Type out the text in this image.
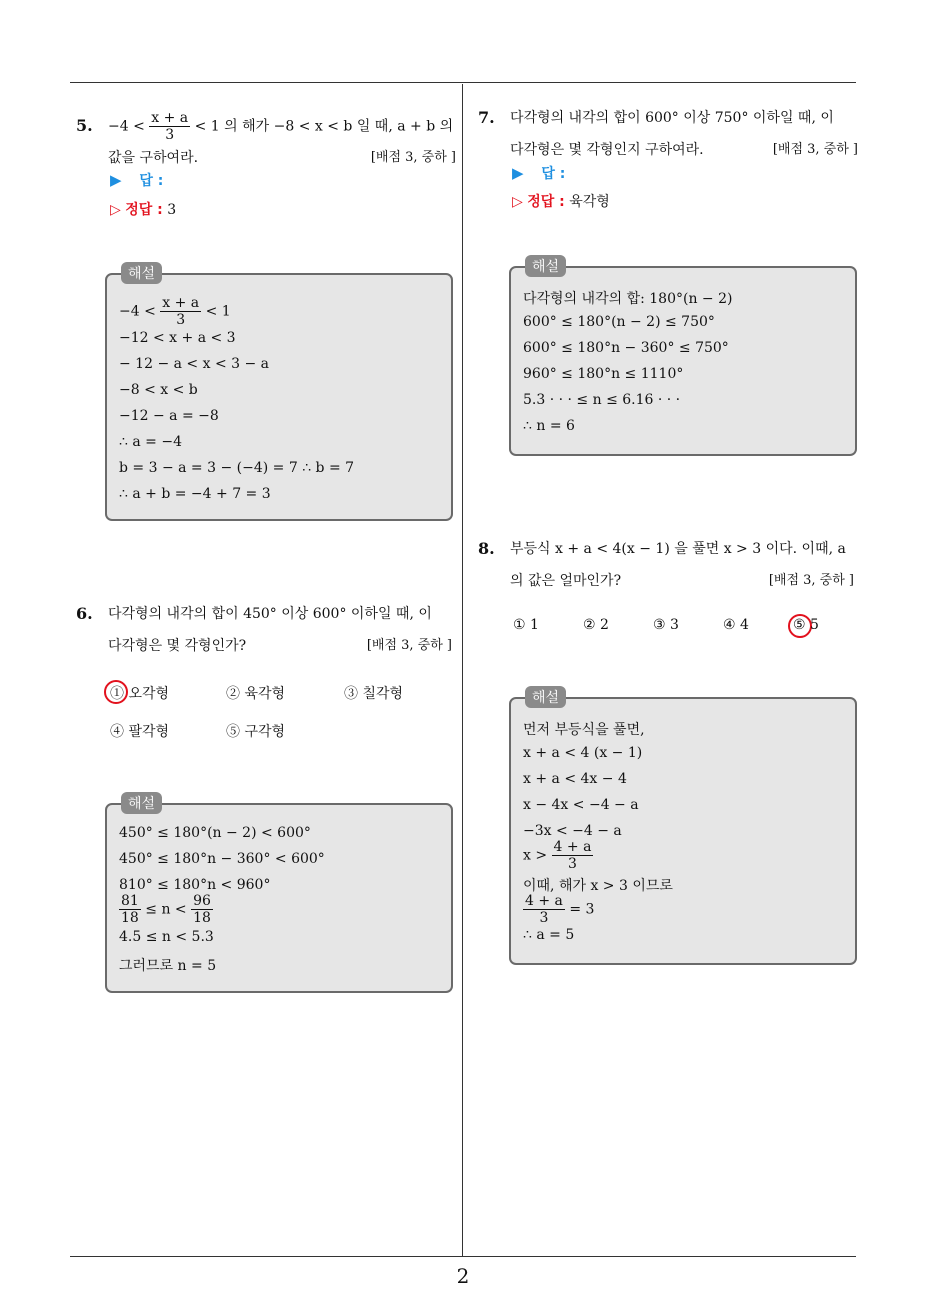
2
5. $-4 < \frac{x + a}{3} < 1$ 의 해가 −8 < x < b 일 때, a + b 의
값을 구하여라.	[배점 3, 중하 ]
▶ 답 :
▷ 정답 : 3
해설
$-4 < \frac{x + a}{3} < 1$
−12 < x + a < 3
− 12 − a < x < 3 − a
−8 < x < b
−12 − a = −8
∴ a = −4
b = 3 − a = 3 − (−4) = 7 ∴ b = 7
∴ a + b = −4 + 7 = 3
6. 다각형의 내각의 합이 450° 이상 600° 이하일 때, 이
다각형은 몇 각형인가?	[배점 3, 중하 ]
① 오각형	② 육각형	③ 칠각형
④ 팔각형	⑤ 구각형
해설
450° ≤ 180°(n − 2) < 600°
450° ≤ 180°n − 360° < 600°
810° ≤ 180°n < 960°
$\frac{81}{18} \le n < \frac{96}{18}$
4.5 ≤ n < 5.3
그러므로 n = 5
7. 다각형의 내각의 합이 600° 이상 750° 이하일 때, 이
다각형은 몇 각형인지 구하여라.	[배점 3, 중하 ]
▶ 답 :
▷ 정답 : 육각형
해설
다각형의 내각의 합: 180°(n − 2)
600° ≤ 180°(n − 2) ≤ 750°
600° ≤ 180°n − 360° ≤ 750°
960° ≤ 180°n ≤ 1110°
5.3 · · · ≤ n ≤ 6.16 · · ·
∴ n = 6
8. 부등식 x + a < 4(x − 1) 을 풀면 x > 3 이다. 이때, a
의 값은 얼마인가?	[배점 3, 중하 ]
① 1	② 2	③ 3	④ 4	⑤ 5
해설
먼저 부등식을 풀면,
x + a < 4 (x − 1)
x + a < 4x − 4
x − 4x < −4 − a
−3x < −4 − a
$x > \frac{4 + a}{3}$
이때, 해가 x > 3 이므로
$\frac{4 + a}{3} = 3$
∴ a = 5
